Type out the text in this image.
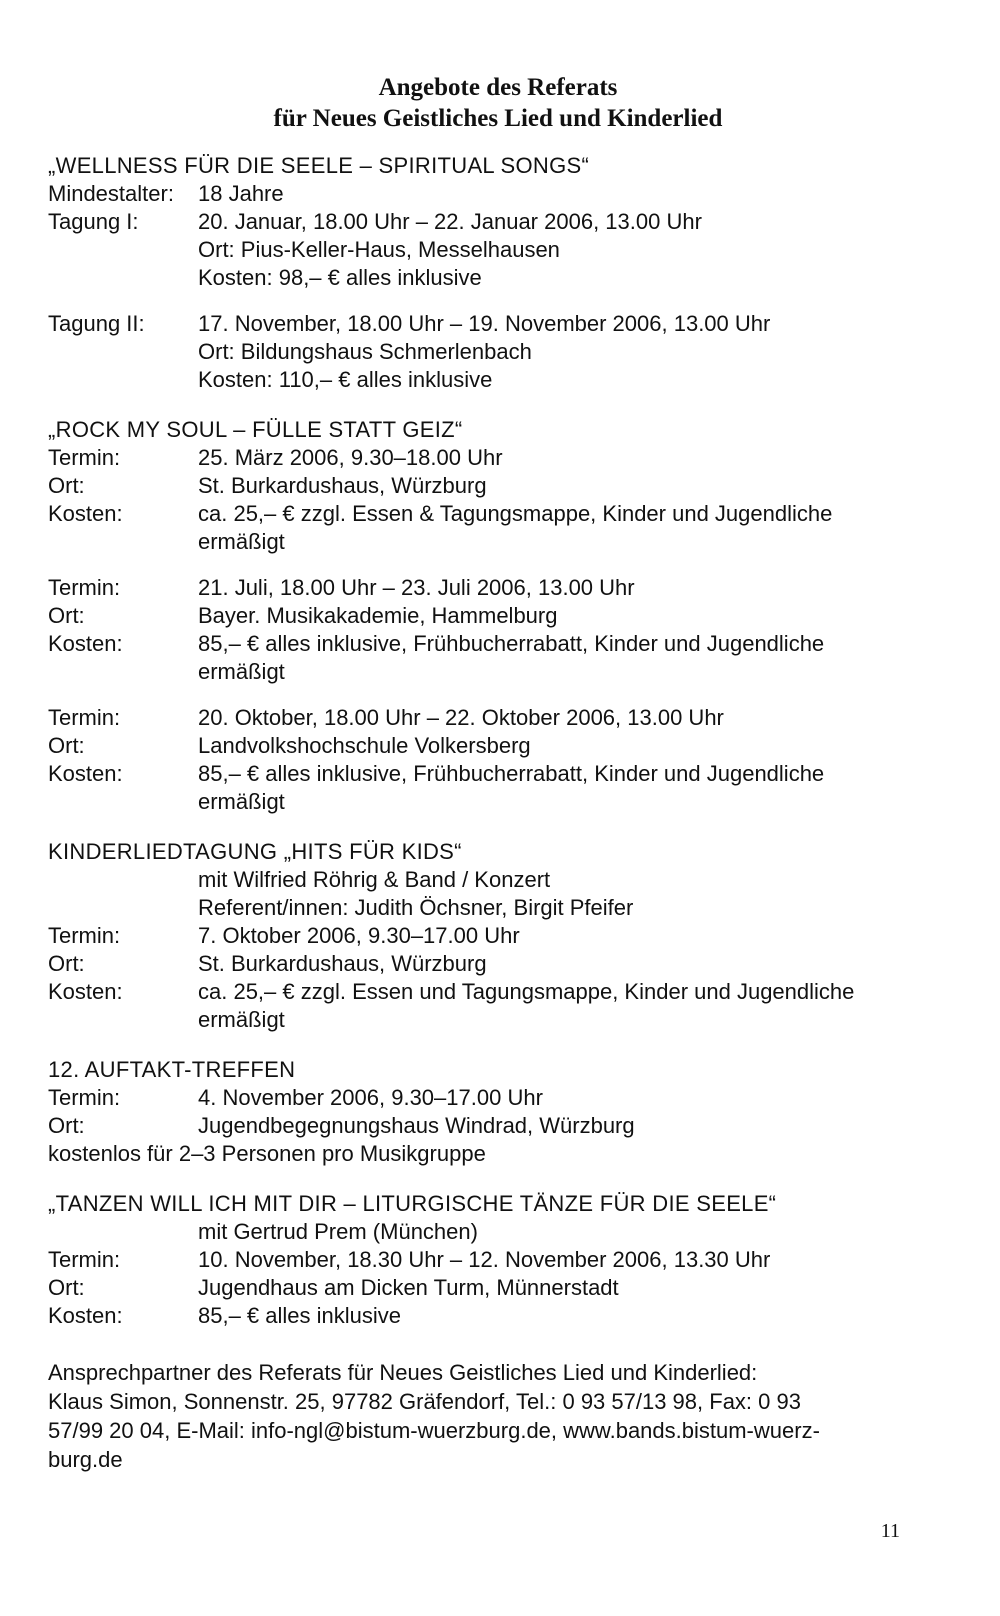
Angebote des Referats
für Neues Geistliches Lied und Kinderlied
„WELLNESS FÜR DIE SEELE – SPIRITUAL SONGS“
Mindestalter:	18 Jahre
Tagung I:	20. Januar, 18.00 Uhr – 22. Januar 2006, 13.00 Uhr
Ort: Pius-Keller-Haus, Messelhausen
Kosten: 98,– € alles inklusive
Tagung II:	17. November, 18.00 Uhr – 19. November 2006, 13.00 Uhr
Ort: Bildungshaus Schmerlenbach
Kosten: 110,– € alles inklusive
„ROCK MY SOUL – FÜLLE STATT GEIZ“
Termin:	25. März 2006, 9.30–18.00 Uhr
Ort:	St. Burkardushaus, Würzburg
Kosten:	ca. 25,– € zzgl. Essen & Tagungsmappe, Kinder und Jugendliche
ermäßigt
Termin:	21. Juli, 18.00 Uhr – 23. Juli 2006, 13.00 Uhr
Ort:	Bayer. Musikakademie, Hammelburg
Kosten:	85,– € alles inklusive, Frühbucherrabatt, Kinder und Jugendliche
ermäßigt
Termin:	20. Oktober, 18.00 Uhr – 22. Oktober 2006, 13.00 Uhr
Ort:	Landvolkshochschule Volkersberg
Kosten:	85,– € alles inklusive, Frühbucherrabatt, Kinder und Jugendliche
ermäßigt
KINDERLIEDTAGUNG „HITS FÜR KIDS“
mit Wilfried Röhrig & Band / Konzert
Referent/innen: Judith Öchsner, Birgit Pfeifer
Termin:	7. Oktober 2006, 9.30–17.00 Uhr
Ort:	St. Burkardushaus, Würzburg
Kosten:	ca. 25,– € zzgl. Essen und Tagungsmappe, Kinder und Jugendliche
ermäßigt
12. AUFTAKT-TREFFEN
Termin:	4. November 2006, 9.30–17.00 Uhr
Ort:	Jugendbegegnungshaus Windrad, Würzburg
kostenlos für 2–3 Personen pro Musikgruppe
„TANZEN WILL ICH MIT DIR – LITURGISCHE TÄNZE FÜR DIE SEELE“
mit Gertrud Prem (München)
Termin:	10. November, 18.30 Uhr – 12. November 2006, 13.30 Uhr
Ort:	Jugendhaus am Dicken Turm, Münnerstadt
Kosten:	85,– € alles inklusive
Ansprechpartner des Referats für Neues Geistliches Lied und Kinderlied:
Klaus Simon, Sonnenstr. 25, 97782 Gräfendorf, Tel.: 0 93 57/13 98, Fax: 0 93
57/99 20 04, E-Mail: info-ngl@bistum-wuerzburg.de, www.bands.bistum-wuerz-
burg.de
11
